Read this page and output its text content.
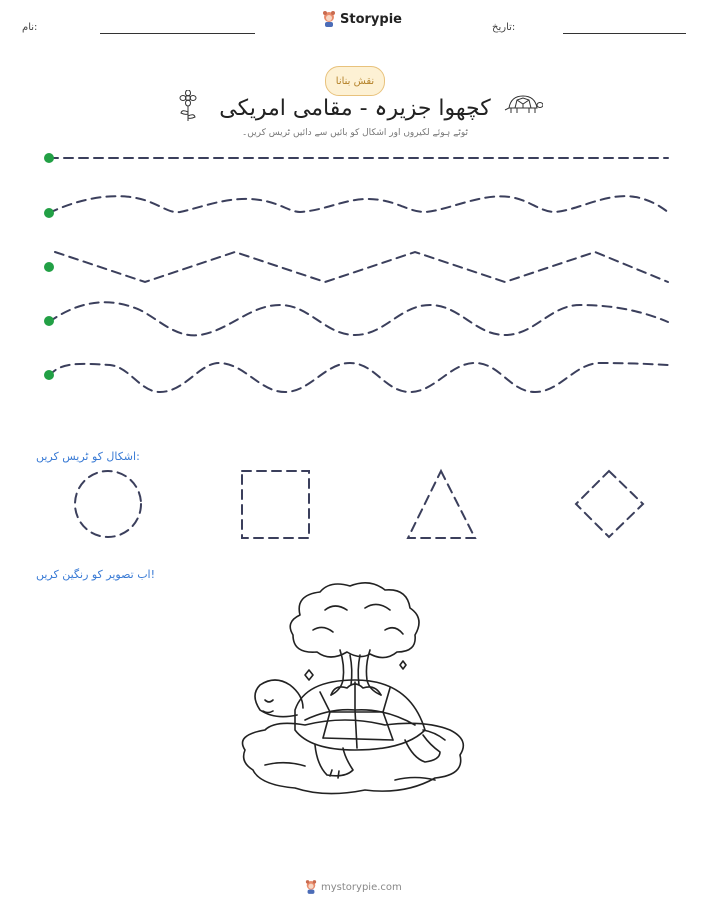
نام:
Storypie
تاریخ:
نقش بنانا
کچھوا جزیرہ - مقامی امریکی
ٹوٹے ہوئے لکیروں اور اشکال کو بائیں سے دائیں ٹریس کریں۔
اشکال کو ٹریس کریں:
اب تصویر کو رنگین کریں!
mystorypie.com
